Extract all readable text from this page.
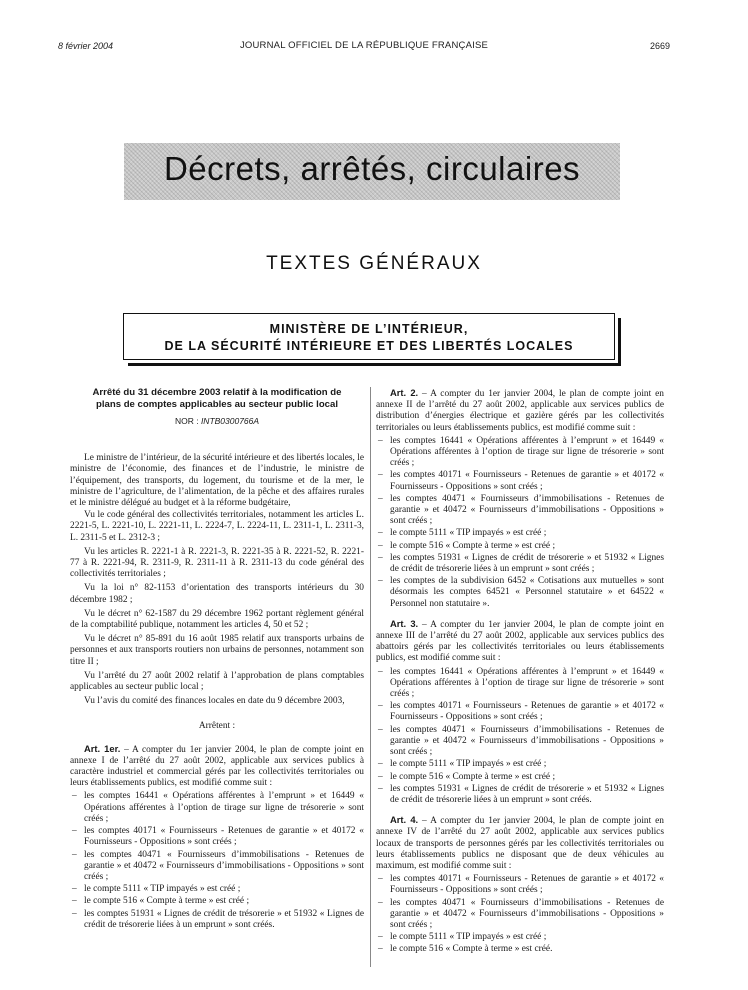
8 février 2004	JOURNAL OFFICIEL DE LA RÉPUBLIQUE FRANÇAISE	2669
Décrets, arrêtés, circulaires
TEXTES GÉNÉRAUX
MINISTÈRE DE L’INTÉRIEUR,
DE LA SÉCURITÉ INTÉRIEURE ET DES LIBERTÉS LOCALES
Arrêté du 31 décembre 2003 relatif à la modification de plans de comptes applicables au secteur public local
NOR : INTB0300766A

Le ministre de l’intérieur, de la sécurité intérieure et des libertés locales, le ministre de l’économie, des finances et de l’industrie, le ministre de l’équipement, des transports, du logement, du tourisme et de la mer, le ministre de l’agriculture, de l’alimentation, de la pêche et des affaires rurales et le ministre délégué au budget et à la réforme budgétaire,

Vu le code général des collectivités territoriales, notamment les articles L. 2221-5, L. 2221-10, L. 2221-11, L. 2224-7, L. 2224-11, L. 2311-1, L. 2311-3, L. 2311-5 et L. 2312-3 ;

Vu les articles R. 2221-1 à R. 2221-3, R. 2221-35 à R. 2221-52, R. 2221-77 à R. 2221-94, R. 2311-9, R. 2311-11 à R. 2311-13 du code général des collectivités territoriales ;

Vu la loi n° 82-1153 d’orientation des transports intérieurs du 30 décembre 1982 ;

Vu le décret n° 62-1587 du 29 décembre 1962 portant règlement général de la comptabilité publique, notamment les articles 4, 50 et 52 ;

Vu le décret n° 85-891 du 16 août 1985 relatif aux transports urbains de personnes et aux transports routiers non urbains de personnes, notamment son titre II ;

Vu l’arrêté du 27 août 2002 relatif à l’approbation de plans comptables applicables au secteur public local ;

Vu l’avis du comité des finances locales en date du 9 décembre 2003,

Arrêtent :

Art. 1er. – A compter du 1er janvier 2004, le plan de compte joint en annexe I de l’arrêté du 27 août 2002, applicable aux services publics à caractère industriel et commercial gérés par les collectivités territoriales ou leurs établissements publics, est modifié comme suit :

– les comptes 16441 « Opérations afférentes à l’emprunt » et 16449 « Opérations afférentes à l’option de tirage sur ligne de trésorerie » sont créés ;
– les comptes 40171 « Fournisseurs - Retenues de garantie » et 40172 « Fournisseurs - Oppositions » sont créés ;
– les comptes 40471 « Fournisseurs d’immobilisations - Retenues de garantie » et 40472 « Fournisseurs d’immobilisations - Oppositions » sont créés ;
– le compte 5111 « TIP impayés » est créé ;
– le compte 516 « Compte à terme » est créé ;
– les comptes 51931 « Lignes de crédit de trésorerie » et 51932 « Lignes de crédit de trésorerie liées à un emprunt » sont créés.

Art. 2. – A compter du 1er janvier 2004, le plan de compte joint en annexe II de l’arrêté du 27 août 2002, applicable aux services publics de distribution d’énergies électrique et gazière gérés par les collectivités territoriales ou leurs établissements publics, est modifié comme suit :

– les comptes 16441 « Opérations afférentes à l’emprunt » et 16449 « Opérations afférentes à l’option de tirage sur ligne de trésorerie » sont créés ;
– les comptes 40171 « Fournisseurs - Retenues de garantie » et 40172 « Fournisseurs - Oppositions » sont créés ;
– les comptes 40471 « Fournisseurs d’immobilisations - Retenues de garantie » et 40472 « Fournisseurs d’immobilisations - Oppositions » sont créés ;
– le compte 5111 « TIP impayés » est créé ;
– le compte 516 « Compte à terme » est créé ;
– les comptes 51931 « Lignes de crédit de trésorerie » et 51932 « Lignes de crédit de trésorerie liées à un emprunt » sont créés ;
– les comptes de la subdivision 6452 « Cotisations aux mutuelles » sont désormais les comptes 64521 « Personnel statutaire » et 64522 « Personnel non statutaire ».

Art. 3. – A compter du 1er janvier 2004, le plan de compte joint en annexe III de l’arrêté du 27 août 2002, applicable aux services publics des abattoirs gérés par les collectivités territoriales ou leurs établissements publics, est modifié comme suit :

– les comptes 16441 « Opérations afférentes à l’emprunt » et 16449 « Opérations afférentes à l’option de tirage sur ligne de trésorerie » sont créés ;
– les comptes 40171 « Fournisseurs - Retenues de garantie » et 40172 « Fournisseurs - Oppositions » sont créés ;
– les comptes 40471 « Fournisseurs d’immobilisations - Retenues de garantie » et 40472 « Fournisseurs d’immobilisations - Oppositions » sont créés ;
– le compte 5111 « TIP impayés » est créé ;
– le compte 516 « Compte à terme » est créé ;
– les comptes 51931 « Lignes de crédit de trésorerie » et 51932 « Lignes de crédit de trésorerie liées à un emprunt » sont créés.

Art. 4. – A compter du 1er janvier 2004, le plan de compte joint en annexe IV de l’arrêté du 27 août 2002, applicable aux services publics locaux de transports de personnes gérés par les collectivités territoriales ou leurs établissements publics ne disposant que de deux véhicules au maximum, est modifié comme suit :

– les comptes 40171 « Fournisseurs - Retenues de garantie » et 40172 « Fournisseurs - Oppositions » sont créés ;
– les comptes 40471 « Fournisseurs d’immobilisations - Retenues de garantie » et 40472 « Fournisseurs d’immobilisations - Oppositions » sont créés ;
– le compte 5111 « TIP impayés » est créé ;
– le compte 516 « Compte à terme » est créé.
